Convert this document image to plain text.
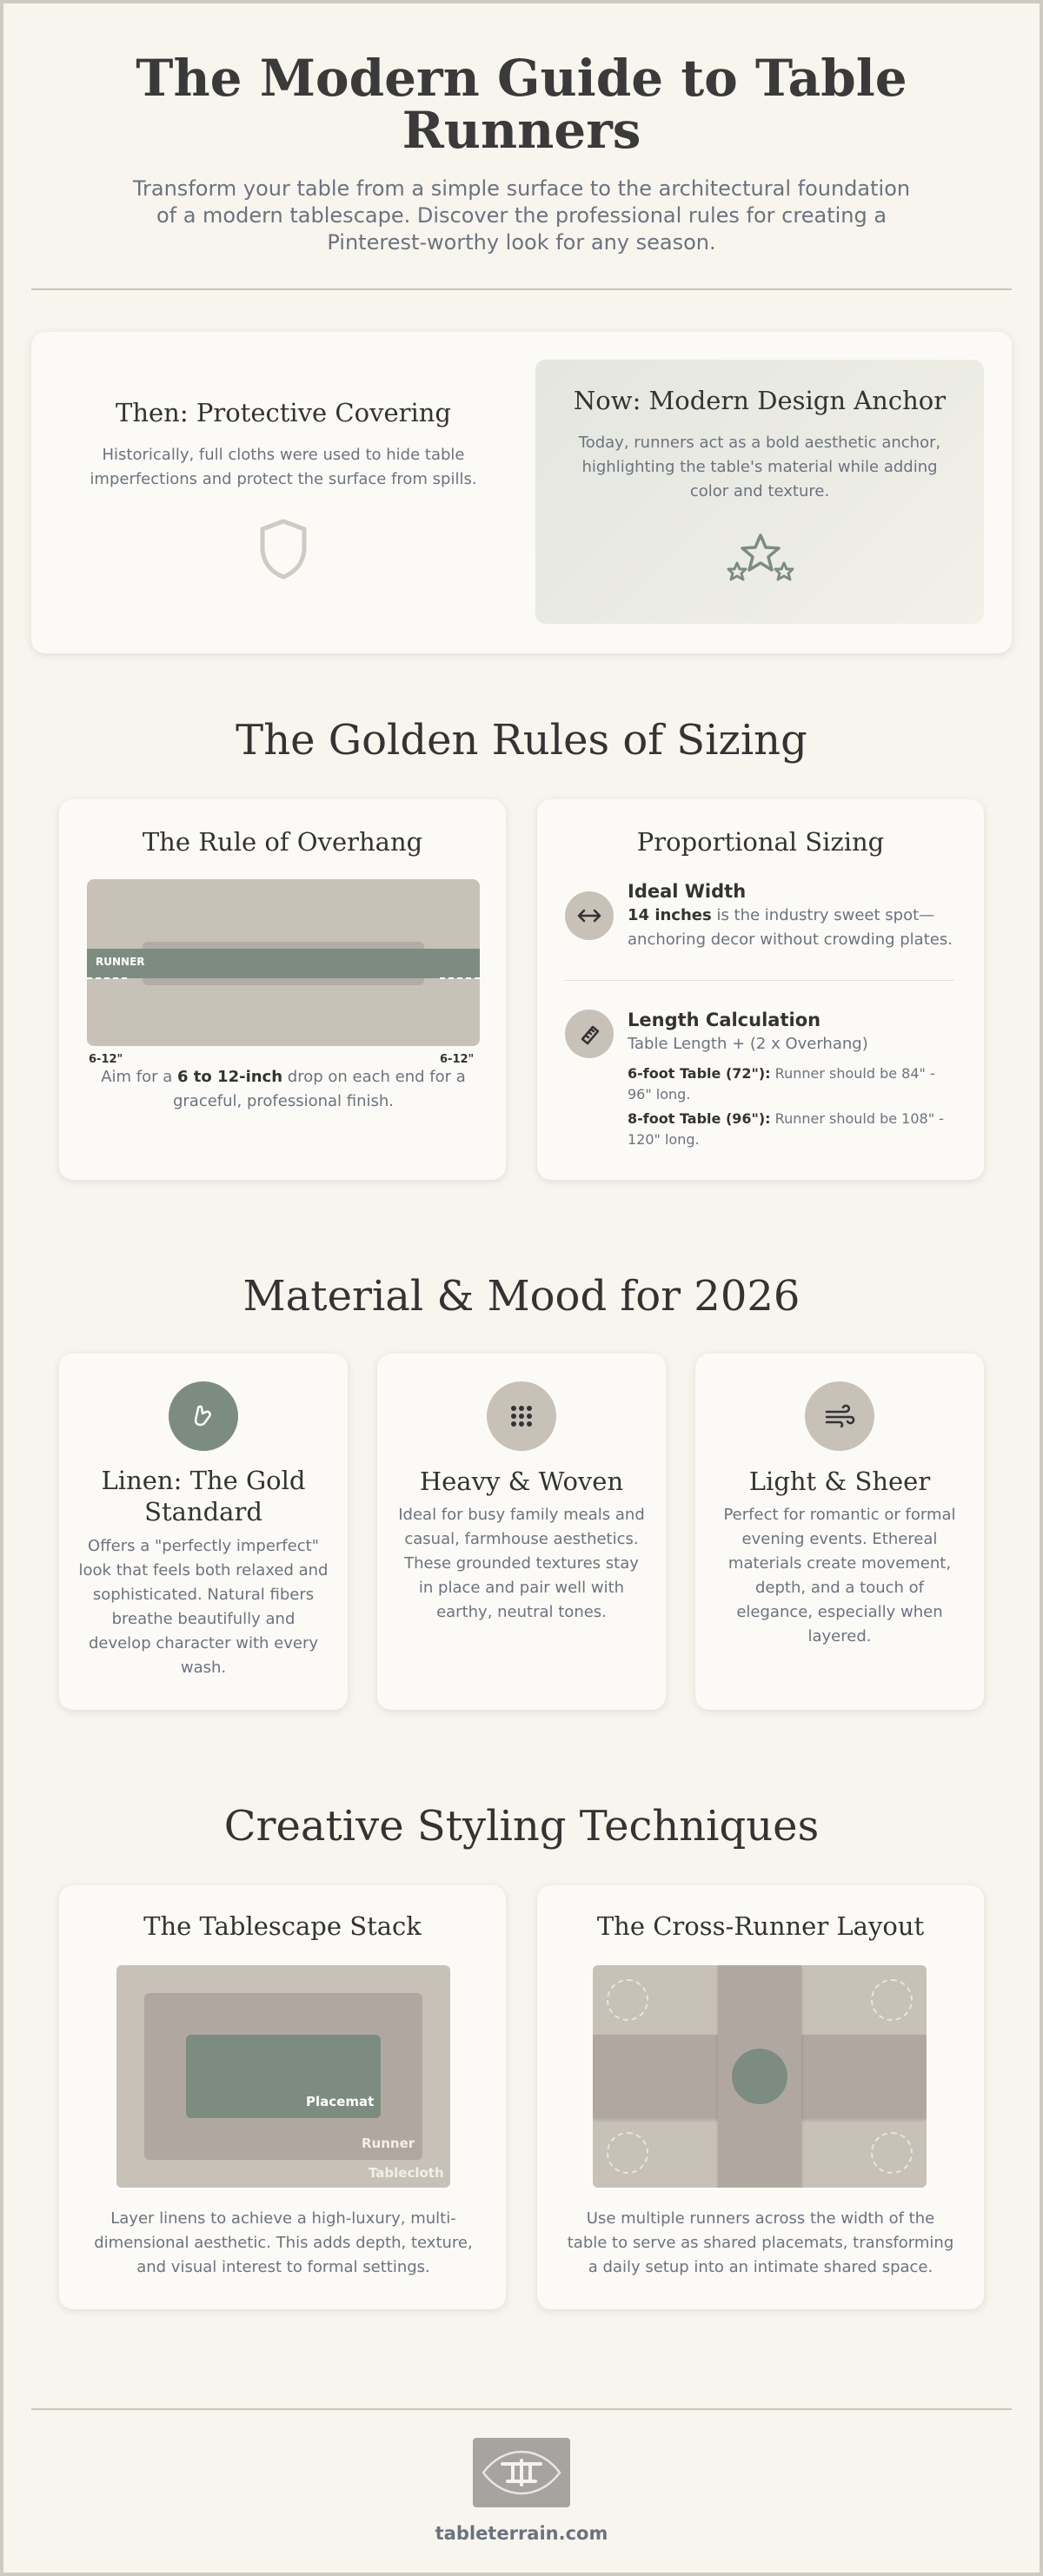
The Modern Guide to Table Runners

Transform your table from a simple surface to the architectural foundation of a modern tablescape. Discover the professional rules for creating a Pinterest-worthy look for any season.

Then: Protective Covering
Historically, full cloths were used to hide table imperfections and protect the surface from spills.
Now: Modern Design Anchor
Today, runners act as a bold aesthetic anchor, highlighting the table's material while adding color and texture.
The Golden Rules of Sizing
The Rule of Overhang
RUNNER
6-12"	6-12"
Aim for a 6 to 12-inch drop on each end for a graceful, professional finish.
Proportional Sizing
Ideal Width
14 inches is the industry sweet spot—anchoring decor without crowding plates.
Length Calculation
Table Length + (2 x Overhang)
6-foot Table (72"): Runner should be 84" - 96" long.
8-foot Table (96"): Runner should be 108" - 120" long.
Material & Mood for 2026
Linen: The Gold Standard
Offers a "perfectly imperfect" look that feels both relaxed and sophisticated. Natural fibers breathe beautifully and develop character with every wash.
Heavy & Woven
Ideal for busy family meals and casual, farmhouse aesthetics. These grounded textures stay in place and pair well with earthy, neutral tones.
Light & Sheer
Perfect for romantic or formal evening events. Ethereal materials create movement, depth, and a touch of elegance, especially when layered.
Creative Styling Techniques
The Tablescape Stack
Placemat
Runner
Tablecloth
Layer linens to achieve a high-luxury, multi-dimensional aesthetic. This adds depth, texture, and visual interest to formal settings.
The Cross-Runner Layout
Use multiple runners across the width of the table to serve as shared placemats, transforming a daily setup into an intimate shared space.
tableterrain.com
